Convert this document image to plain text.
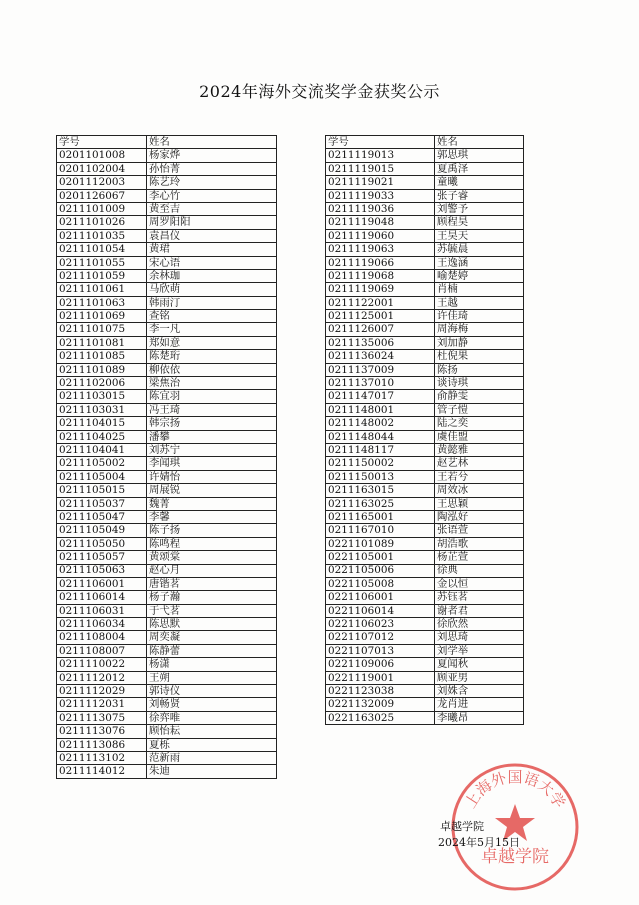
2024年海外交流奖学金获奖公示
学号	姓名
0201101008	杨家烨
0201102004	孙怡菁
0201112003	陈艺玲
0201126067	李心竹
0211101009	黄至吉
0211101026	周罗阳阳
0211101035	袁昌仪
0211101054	黄珺
0211101055	宋心语
0211101059	余林珈
0211101061	马欣萌
0211101063	韩雨汀
0211101069	查铭
0211101075	李一凡
0211101081	郑如意
0211101085	陈楚珩
0211101089	柳依依
0211102006	梁焦治
0211103015	陈宜羽
0211103031	冯王琦
0211104015	韩宗扬
0211104025	潘攀
0211104041	刘苏宁
0211105002	李闻琪
0211105004	许婧怡
0211105015	周展锐
0211105037	魏菁
0211105047	李馨
0211105049	陈子扬
0211105050	陈鸣程
0211105057	黄颂棠
0211105063	赵心月
0211106001	唐锴茗
0211106014	杨子瀚
0211106031	于弋茗
0211106034	陈思默
0211108004	周奕凝
0211108007	陈静蕾
0211110022	杨潇
0211112012	王朔
0211112029	郭诗仪
0211112031	刘畅贤
0211113075	徐弈唯
0211113076	顾怡耘
0211113086	夏栎
0211113102	范新雨
0211114012	朱迪
学号	姓名
0211119013	郭思琪
0211119015	夏禹泽
0211119021	童曦
0211119033	张子睿
0211119036	刘警予
0211119048	顾程昊
0211119060	王昊天
0211119063	苏毓晨
0211119066	王逸涵
0211119068	喻楚婷
0211119069	肖楠
0211122001	王越
0211125001	许佳琦
0211126007	周海梅
0211135006	刘加静
0211136024	杜倪果
0211137009	陈扬
0211137010	谈诗琪
0211147017	俞静雯
0211148001	管子愷
0211148002	陆之奕
0211148044	虞佳盟
0211148117	黄懿雅
0211150002	赵艺林
0211150013	王若兮
0211163015	周效冰
0211163025	王思颖
0211165001	陶泓好
0211167010	张语萱
0221101089	胡浩歌
0221105001	杨芷萱
0221105006	徐典
0221105008	金以恒
0221106001	苏钰茗
0221106014	谢者君
0221106023	徐欣然
0221107012	刘思琦
0221107013	刘学举
0221109006	夏闻秋
0221119001	顾亚男
0221123038	刘姝含
0221132009	龙肖进
0221163025	李曦昂
上海外国语大学
卓越学院
卓越学院
2024年5月15日
